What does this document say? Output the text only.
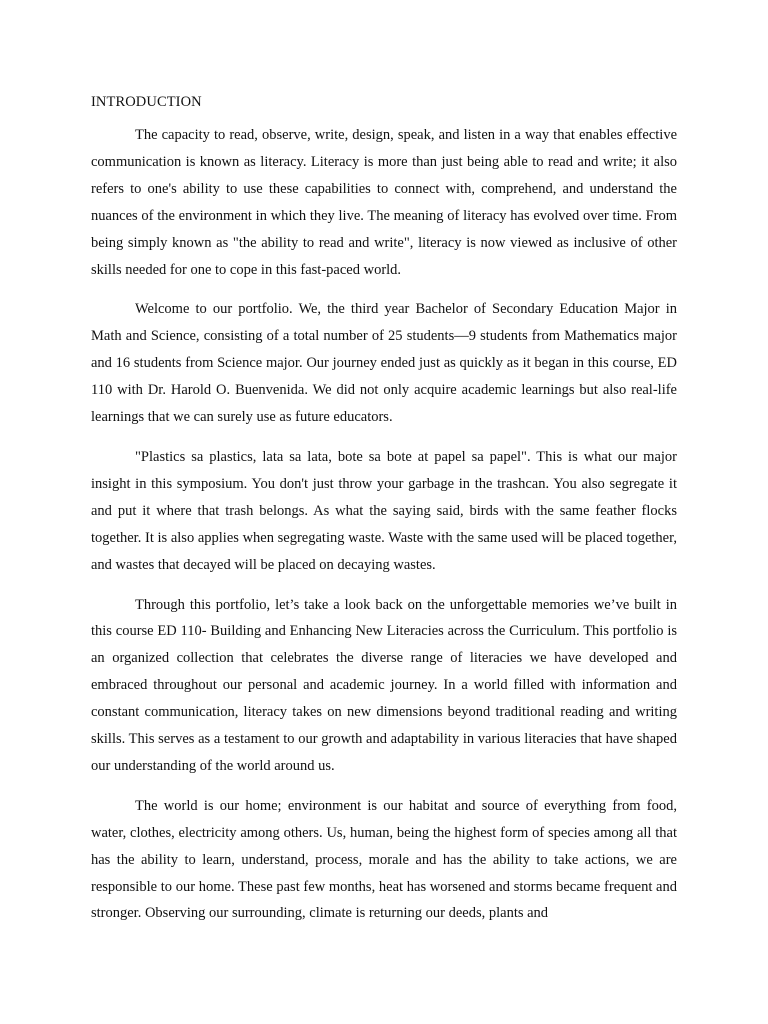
INTRODUCTION

The capacity to read, observe, write, design, speak, and listen in a way that enables effective communication is known as literacy. Literacy is more than just being able to read and write; it also refers to one's ability to use these capabilities to connect with, comprehend, and understand the nuances of the environment in which they live. The meaning of literacy has evolved over time. From being simply known as "the ability to read and write", literacy is now viewed as inclusive of other skills needed for one to cope in this fast-paced world.

Welcome to our portfolio. We, the third year Bachelor of Secondary Education Major in Math and Science, consisting of a total number of 25 students—9 students from Mathematics major and 16 students from Science major. Our journey ended just as quickly as it began in this course, ED 110 with Dr. Harold O. Buenvenida. We did not only acquire academic learnings but also real-life learnings that we can surely use as future educators.

"Plastics sa plastics, lata sa lata, bote sa bote at papel sa papel". This is what our major insight in this symposium. You don't just throw your garbage in the trashcan. You also segregate it and put it where that trash belongs. As what the saying said, birds with the same feather flocks together. It is also applies when segregating waste. Waste with the same used will be placed together, and wastes that decayed will be placed on decaying wastes.

Through this portfolio, let’s take a look back on the unforgettable memories we’ve built in this course ED 110- Building and Enhancing New Literacies across the Curriculum. This portfolio is an organized collection that celebrates the diverse range of literacies we have developed and embraced throughout our personal and academic journey. In a world filled with information and constant communication, literacy takes on new dimensions beyond traditional reading and writing skills. This serves as a testament to our growth and adaptability in various literacies that have shaped our understanding of the world around us.

The world is our home; environment is our habitat and source of everything from food, water, clothes, electricity among others. Us, human, being the highest form of species among all that has the ability to learn, understand, process, morale and has the ability to take actions, we are responsible to our home. These past few months, heat has worsened and storms became frequent and stronger. Observing our surrounding, climate is returning our deeds, plants and
